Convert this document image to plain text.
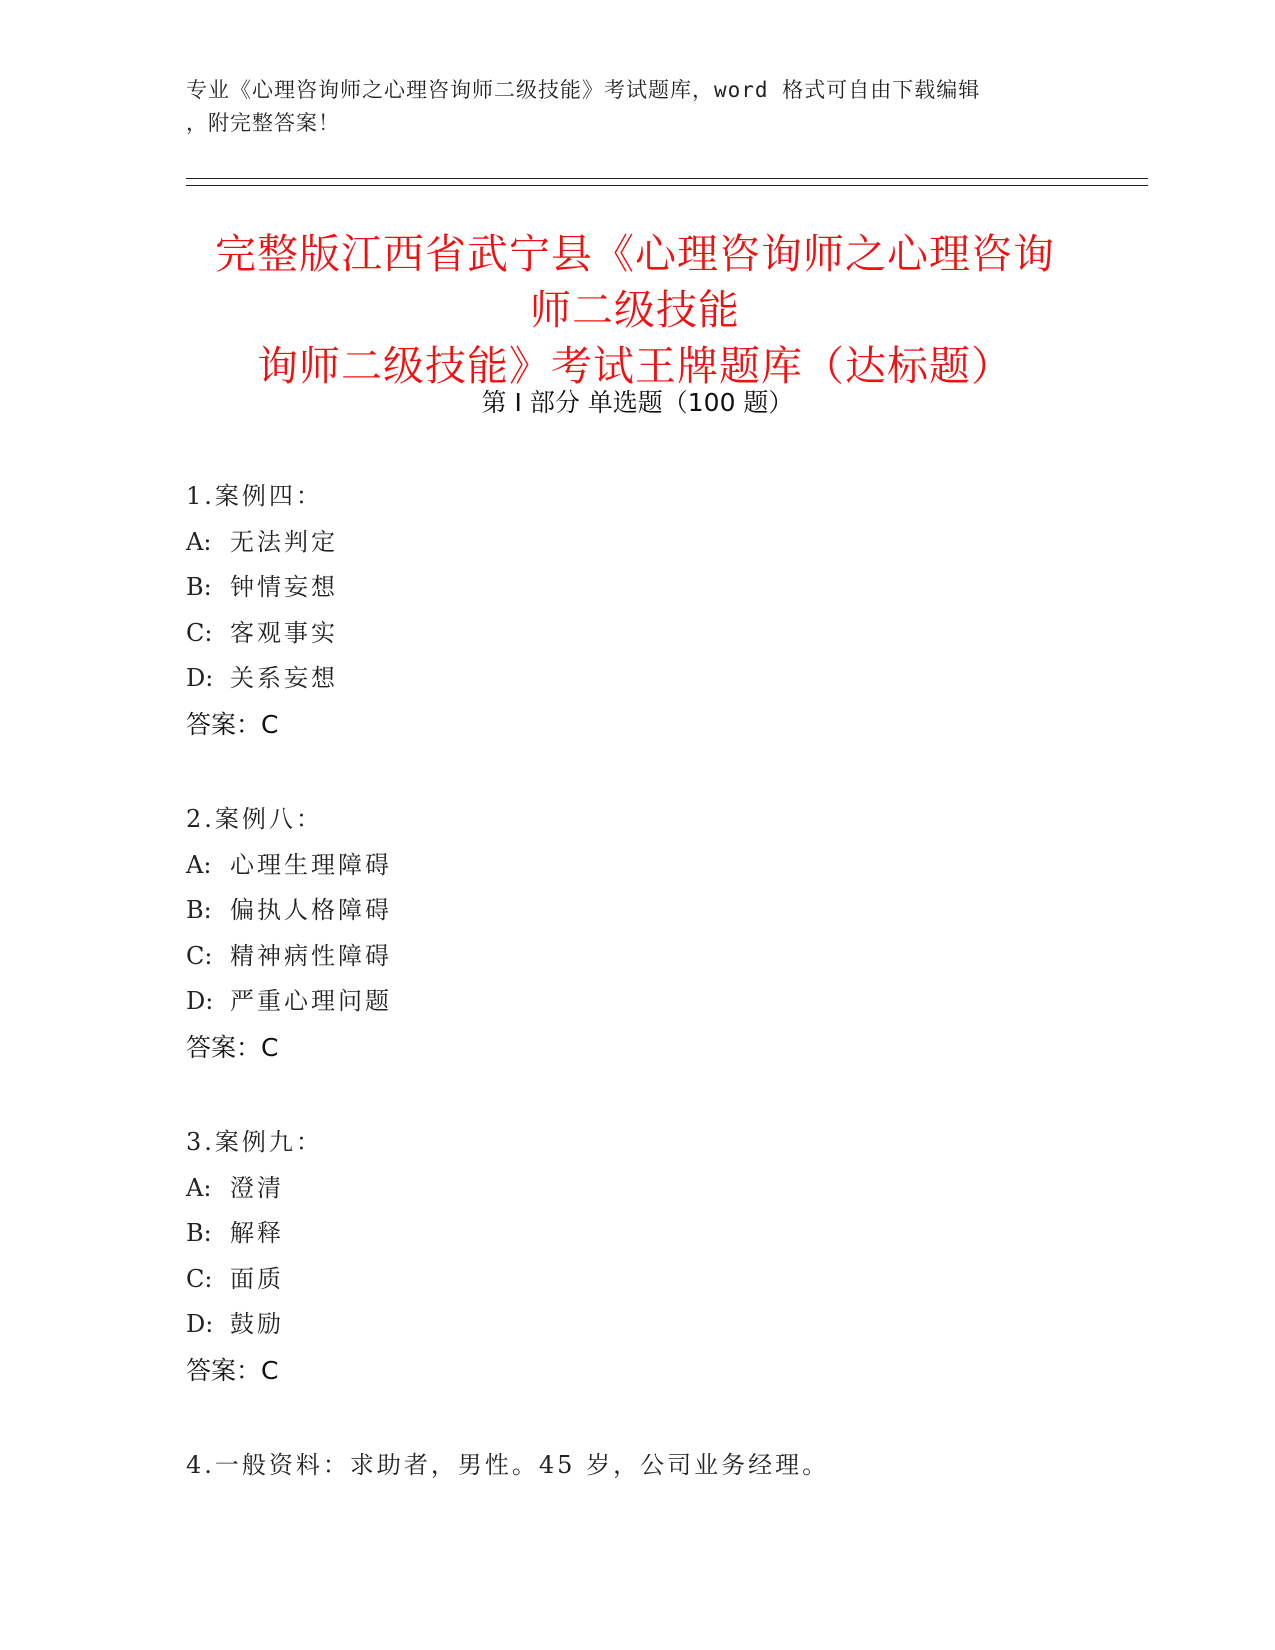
专业《心理咨询师之心理咨询师二级技能》考试题库，word 格式可自由下载编辑
，附完整答案！
完整版江西省武宁县《心理咨询师之心理咨询师二级技能
询师二级技能》考试王牌题库（达标题）
第 I 部分 单选题（100 题）
1.案例四：
A: 无法判定
B: 钟情妄想
C: 客观事实
D: 关系妄想
答案：C
2.案例八：
A: 心理生理障碍
B: 偏执人格障碍
C: 精神病性障碍
D: 严重心理问题
答案：C
3.案例九：
A: 澄清
B: 解释
C: 面质
D: 鼓励
答案：C
4.一般资料：求助者，男性。45 岁，公司业务经理。
